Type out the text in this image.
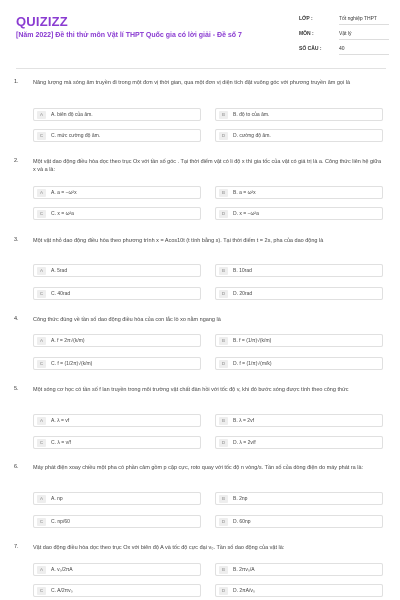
QUIZIZZ
[Năm 2022] Đề thi thử môn Vật lí THPT Quốc gia có lời giải - Đề số 7
LỚP :	Tốt nghiệp THPT
MÔN :	Vật lý
SỐ CÂU :	40
1.	Năng lượng mà sóng âm truyền đi trong một đơn vị thời gian, qua một đơn vị diện tích đặt vuông góc với phương truyền âm gọi là
A	A. biên độ của âm.	B	B. độ to của âm.
C	C. mức cường độ âm.	D	D. cường độ âm.
2.	Một vật dao động điều hòa dọc theo trục Ox với tần số góc . Tại thời điểm vật có li độ x thì gia tốc của vật có giá trị là a. Công thức liên hệ giữa x và a là:
A	A. a = −ω²x	B	B. a = ω²x
C	C. x = ω²a	D	D. x = −ω²a
3.	Một vật nhỏ dao động điều hòa theo phương trình x = Acos10t (t tính bằng s). Tại thời điểm t = 2s, pha của dao động là
A	A. 5rad	B	B. 10rad
C	C. 40rad	D	D. 20rad
4.	Công thức đúng về tần số dao động điều hòa của con lắc lò xo nằm ngang là
A	A. f = 2π√(k/m)	B	B. f = (1/π)√(k/m)
C	C. f = (1/2π)√(k/m)	D	D. f = (1/π)√(m/k)
5.	Một sóng cơ học có tần số f lan truyền trong môi trường vật chất đàn hồi với tốc độ v, khi đó bước sóng được tính theo công thức
A	A. λ = vf	B	B. λ = 2vf
C	C. λ = v/f	D	D. λ = 2v/f
6.	Máy phát điện xoay chiều một pha có phần cảm gồm p cặp cực, roto quay với tốc độ n vòng/s. Tần số của dòng điện do máy phát ra là:
A	A. np	B	B. 2np
C	C. np/60	D	D. 60np
7.	Vật dao động điều hòa dọc theo trục Ox với biên độ A và tốc độ cực đại v₀. Tần số dao động của vật là:
A	A. v₀/2πA	B	B. 2πv₀/A
C	C. A/2πv₀	D	D. 2πA/v₀
